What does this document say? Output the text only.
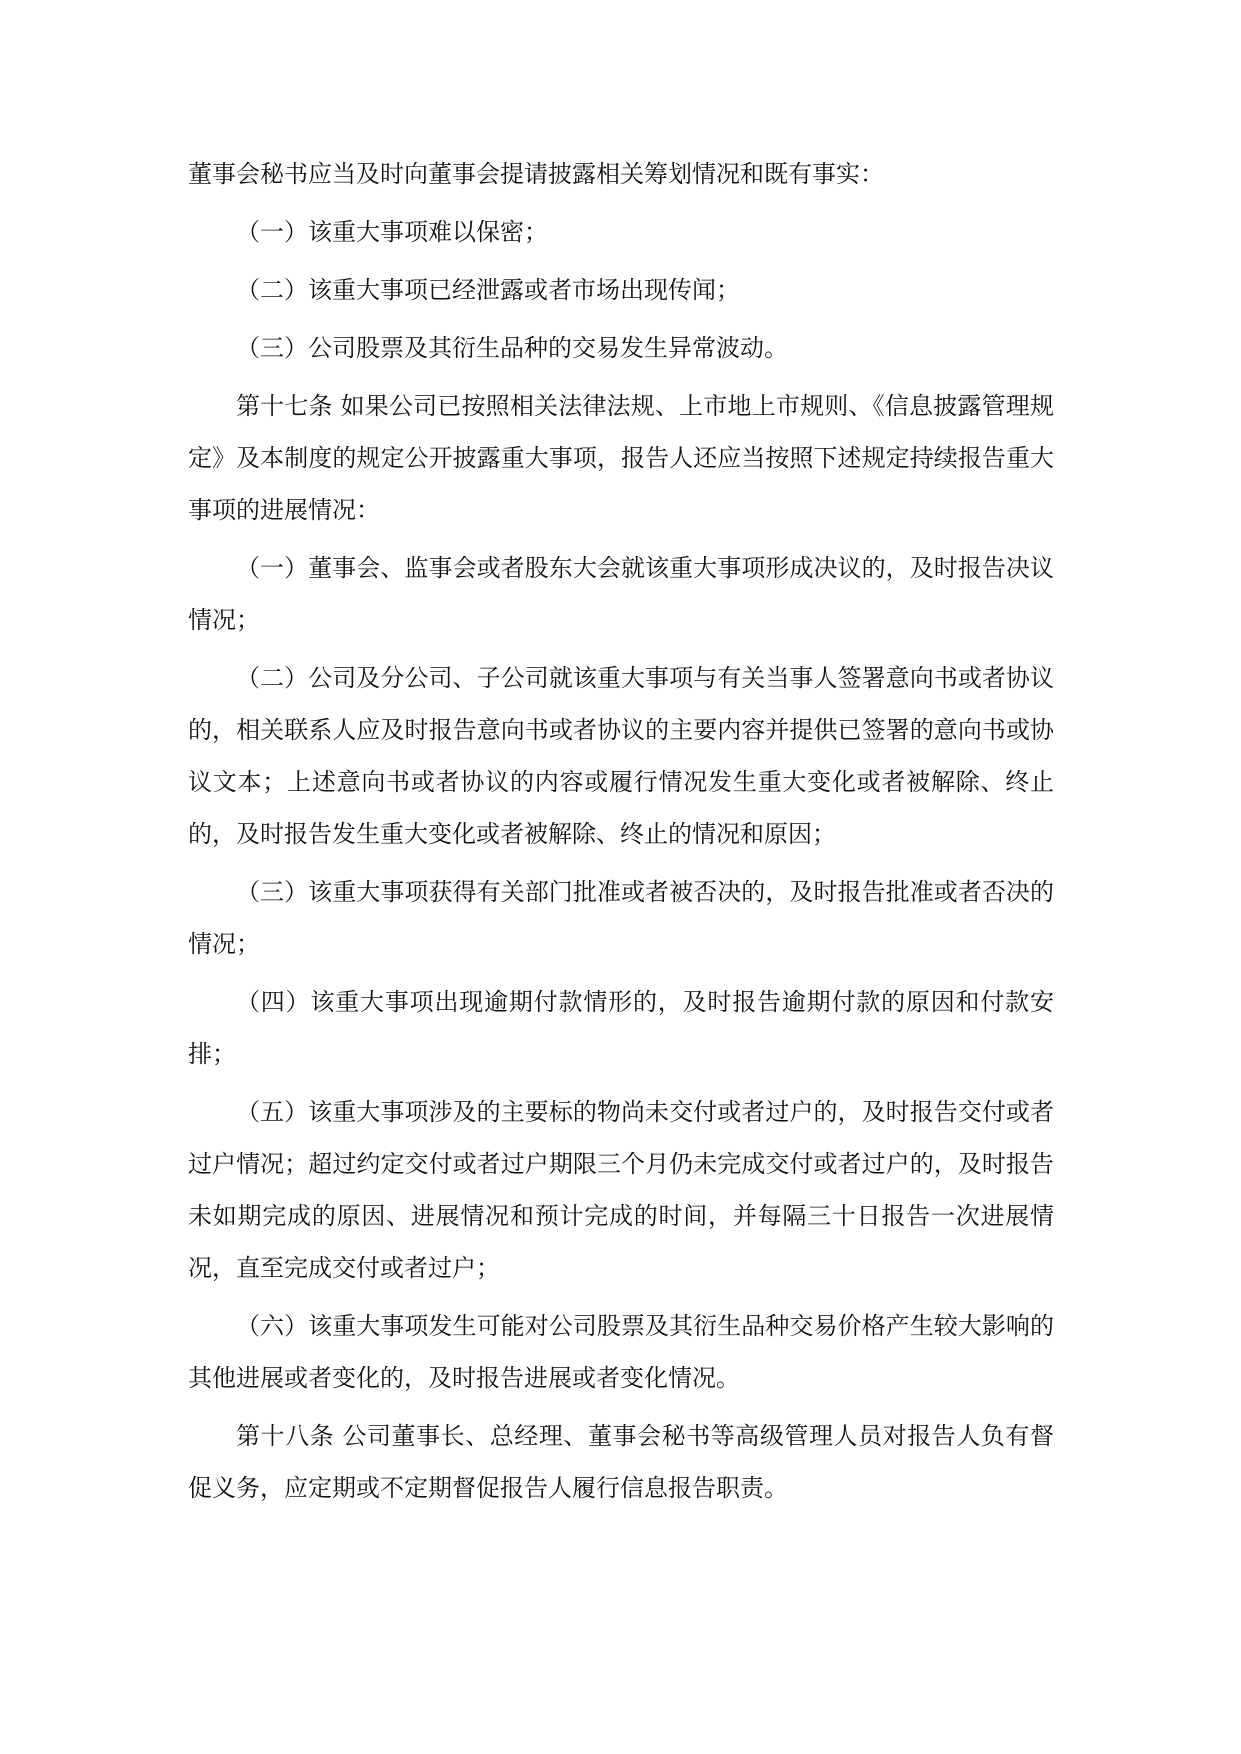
董事会秘书应当及时向董事会提请披露相关筹划情况和既有事实：

（一）该重大事项难以保密；

（二）该重大事项已经泄露或者市场出现传闻；

（三）公司股票及其衍生品种的交易发生异常波动。

第十七条 如果公司已按照相关法律法规、上市地上市规则、《信息披露管理规定》及本制度的规定公开披露重大事项，报告人还应当按照下述规定持续报告重大事项的进展情况：

（一）董事会、监事会或者股东大会就该重大事项形成决议的，及时报告决议情况；

（二）公司及分公司、子公司就该重大事项与有关当事人签署意向书或者协议的，相关联系人应及时报告意向书或者协议的主要内容并提供已签署的意向书或协议文本；上述意向书或者协议的内容或履行情况发生重大变化或者被解除、终止的，及时报告发生重大变化或者被解除、终止的情况和原因；

（三）该重大事项获得有关部门批准或者被否决的，及时报告批准或者否决的情况；

（四）该重大事项出现逾期付款情形的，及时报告逾期付款的原因和付款安排；

（五）该重大事项涉及的主要标的物尚未交付或者过户的，及时报告交付或者过户情况；超过约定交付或者过户期限三个月仍未完成交付或者过户的，及时报告未如期完成的原因、进展情况和预计完成的时间，并每隔三十日报告一次进展情况，直至完成交付或者过户；

（六）该重大事项发生可能对公司股票及其衍生品种交易价格产生较大影响的其他进展或者变化的，及时报告进展或者变化情况。

第十八条 公司董事长、总经理、董事会秘书等高级管理人员对报告人负有督促义务，应定期或不定期督促报告人履行信息报告职责。
